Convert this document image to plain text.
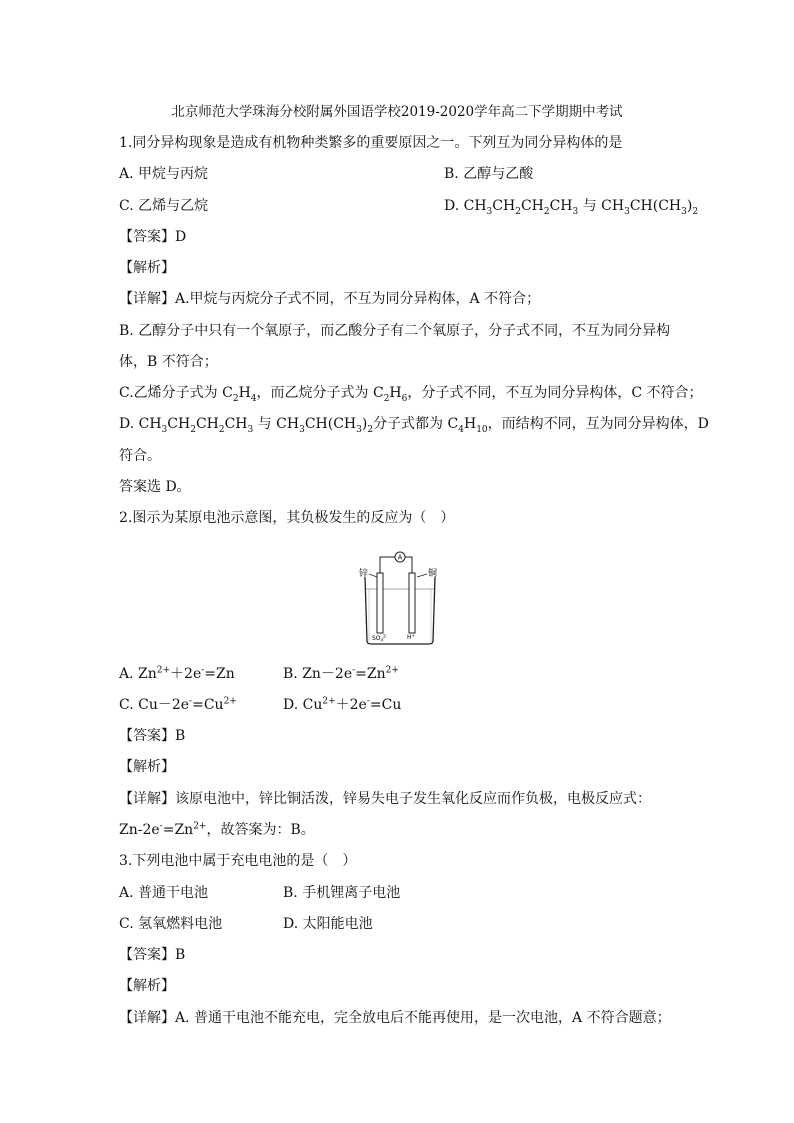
北京师范大学珠海分校附属外国语学校2019-2020学年高二下学期期中考试
1.同分异构现象是造成有机物种类繁多的重要原因之一。下列互为同分异构体的是
A. 甲烷与丙烷	B. 乙醇与乙酸
C. 乙烯与乙烷	D. $CH_3CH_2CH_2CH_3$ 与 $CH_3CH(CH_3)_2$
【答案】D
【解析】
【详解】A.甲烷与丙烷分子式不同，不互为同分异构体，A 不符合；
B. 乙醇分子中只有一个氧原子，而乙酸分子有二个氧原子，分子式不同，不互为同分异构
体，B 不符合；
C.乙烯分子式为 $C_2H_4$，而乙烷分子式为 $C_2H_6$，分子式不同，不互为同分异构体，C 不符合；
D. $CH_3CH_2CH_2CH_3$ 与 $CH_3CH(CH_3)_2$分子式都为 $C_4H_{10}$，而结构不同，互为同分异构体，D
符合。
答案选 D。
2.图示为某原电池示意图，其负极发生的反应为（　）
A
锌	铜
$SO_4^{2-}$	H+
A. $Zn^{2+}+2e^-=Zn$	B. $Zn-2e^-=Zn^{2+}$
C. $Cu-2e^-=Cu^{2+}$	D. $Cu^{2+}+2e^-=Cu$
【答案】B
【解析】
【详解】该原电池中，锌比铜活泼，锌易失电子发生氧化反应而作负极，电极反应式：
$Zn-2e^-=Zn^{2+}$，故答案为：B。
3.下列电池中属于充电电池的是（　）
A. 普通干电池	B. 手机锂离子电池
C. 氢氧燃料电池	D. 太阳能电池
【答案】B
【解析】
【详解】A. 普通干电池不能充电，完全放电后不能再使用，是一次电池，A 不符合题意；
